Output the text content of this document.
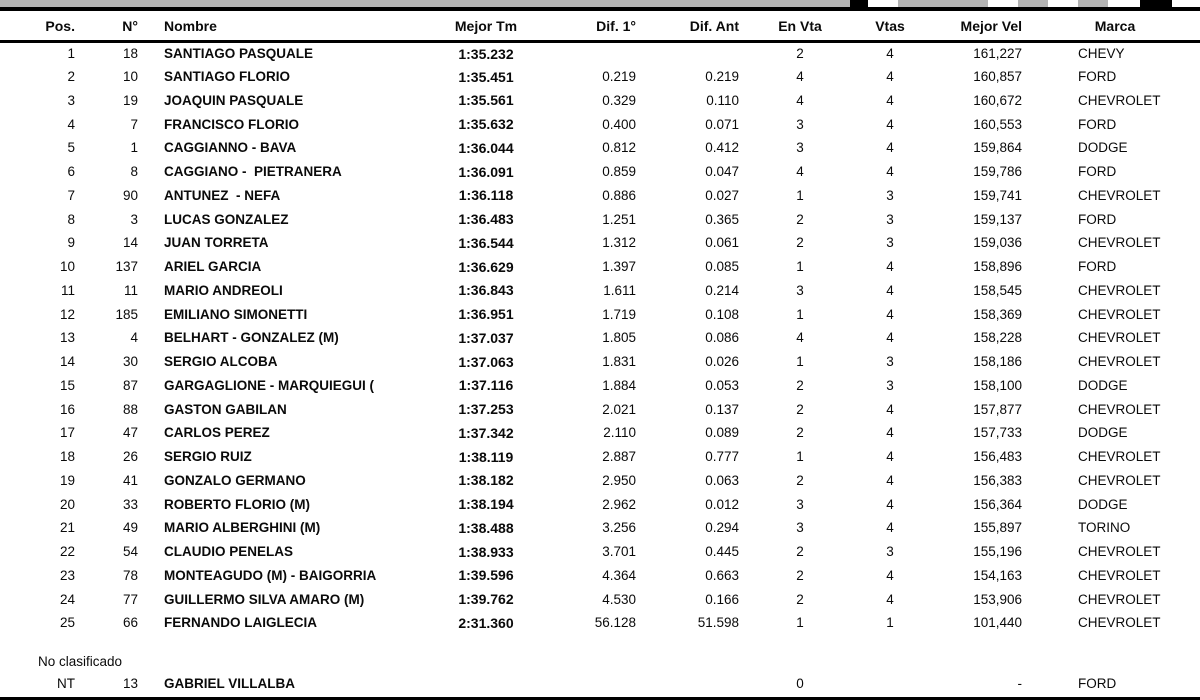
Pos.	N°	Nombre	Mejor Tm	Dif. 1°	Dif. Ant	En Vta	Vtas	Mejor Vel	Marca
1	18	SANTIAGO PASQUALE	1:35.232			2	4	161,227	CHEVY
2	10	SANTIAGO FLORIO	1:35.451	0.219	0.219	4	4	160,857	FORD
3	19	JOAQUIN PASQUALE	1:35.561	0.329	0.110	4	4	160,672	CHEVROLET
4	7	FRANCISCO FLORIO	1:35.632	0.400	0.071	3	4	160,553	FORD
5	1	CAGGIANNO - BAVA	1:36.044	0.812	0.412	3	4	159,864	DODGE
6	8	CAGGIANO -  PIETRANERA	1:36.091	0.859	0.047	4	4	159,786	FORD
7	90	ANTUNEZ  - NEFA	1:36.118	0.886	0.027	1	3	159,741	CHEVROLET
8	3	LUCAS GONZALEZ	1:36.483	1.251	0.365	2	3	159,137	FORD
9	14	JUAN TORRETA	1:36.544	1.312	0.061	2	3	159,036	CHEVROLET
10	137	ARIEL GARCIA	1:36.629	1.397	0.085	1	4	158,896	FORD
11	11	MARIO ANDREOLI	1:36.843	1.611	0.214	3	4	158,545	CHEVROLET
12	185	EMILIANO SIMONETTI	1:36.951	1.719	0.108	1	4	158,369	CHEVROLET
13	4	BELHART - GONZALEZ (M)	1:37.037	1.805	0.086	4	4	158,228	CHEVROLET
14	30	SERGIO ALCOBA	1:37.063	1.831	0.026	1	3	158,186	CHEVROLET
15	87	GARGAGLIONE - MARQUIEGUI (	1:37.116	1.884	0.053	2	3	158,100	DODGE
16	88	GASTON GABILAN	1:37.253	2.021	0.137	2	4	157,877	CHEVROLET
17	47	CARLOS PEREZ	1:37.342	2.110	0.089	2	4	157,733	DODGE
18	26	SERGIO RUIZ	1:38.119	2.887	0.777	1	4	156,483	CHEVROLET
19	41	GONZALO GERMANO	1:38.182	2.950	0.063	2	4	156,383	CHEVROLET
20	33	ROBERTO FLORIO (M)	1:38.194	2.962	0.012	3	4	156,364	DODGE
21	49	MARIO ALBERGHINI (M)	1:38.488	3.256	0.294	3	4	155,897	TORINO
22	54	CLAUDIO PENELAS	1:38.933	3.701	0.445	2	3	155,196	CHEVROLET
23	78	MONTEAGUDO (M) - BAIGORRIA	1:39.596	4.364	0.663	2	4	154,163	CHEVROLET
24	77	GUILLERMO SILVA AMARO (M)	1:39.762	4.530	0.166	2	4	153,906	CHEVROLET
25	66	FERNANDO LAIGLECIA	2:31.360	56.128	51.598	1	1	101,440	CHEVROLET
No clasificado
NT	13	GABRIEL VILLALBA				0		-	FORD
